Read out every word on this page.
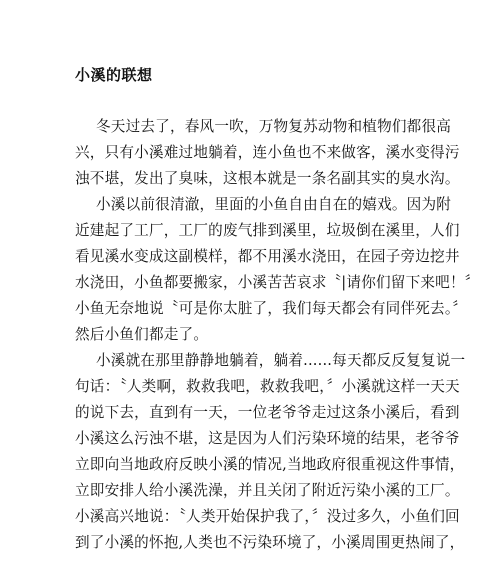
小溪的联想
冬天过去了，春风一吹，万物复苏动物和植物们都很高
兴，只有小溪难过地躺着，连小鱼也不来做客，溪水变得污
浊不堪，发出了臭味，这根本就是一条名副其实的臭水沟。
小溪以前很清澈，里面的小鱼自由自在的嬉戏。因为附
近建起了工厂，工厂的废气排到溪里，垃圾倒在溪里，人们
看见溪水变成这副模样，都不用溪水浇田，在园子旁边挖井
水浇田，小鱼都要搬家，小溪苦苦哀求〝|请你们留下来吧！〞
小鱼无奈地说〝可是你太脏了，我们每天都会有同伴死去。〞
然后小鱼们都走了。
小溪就在那里静静地躺着，躺着......每天都反反复复说一
句话：〝人类啊，救救我吧，救救我吧，〞小溪就这样一天天
的说下去，直到有一天，一位老爷爷走过这条小溪后，看到
小溪这么污浊不堪，这是因为人们污染环境的结果，老爷爷
立即向当地政府反映小溪的情况,当地政府很重视这件事情，
立即安排人给小溪洗澡，并且关闭了附近污染小溪的工厂。
小溪高兴地说：〝人类开始保护我了，〞没过多久，小鱼们回
到了小溪的怀抱,人类也不污染环境了，小溪周围更热闹了，
